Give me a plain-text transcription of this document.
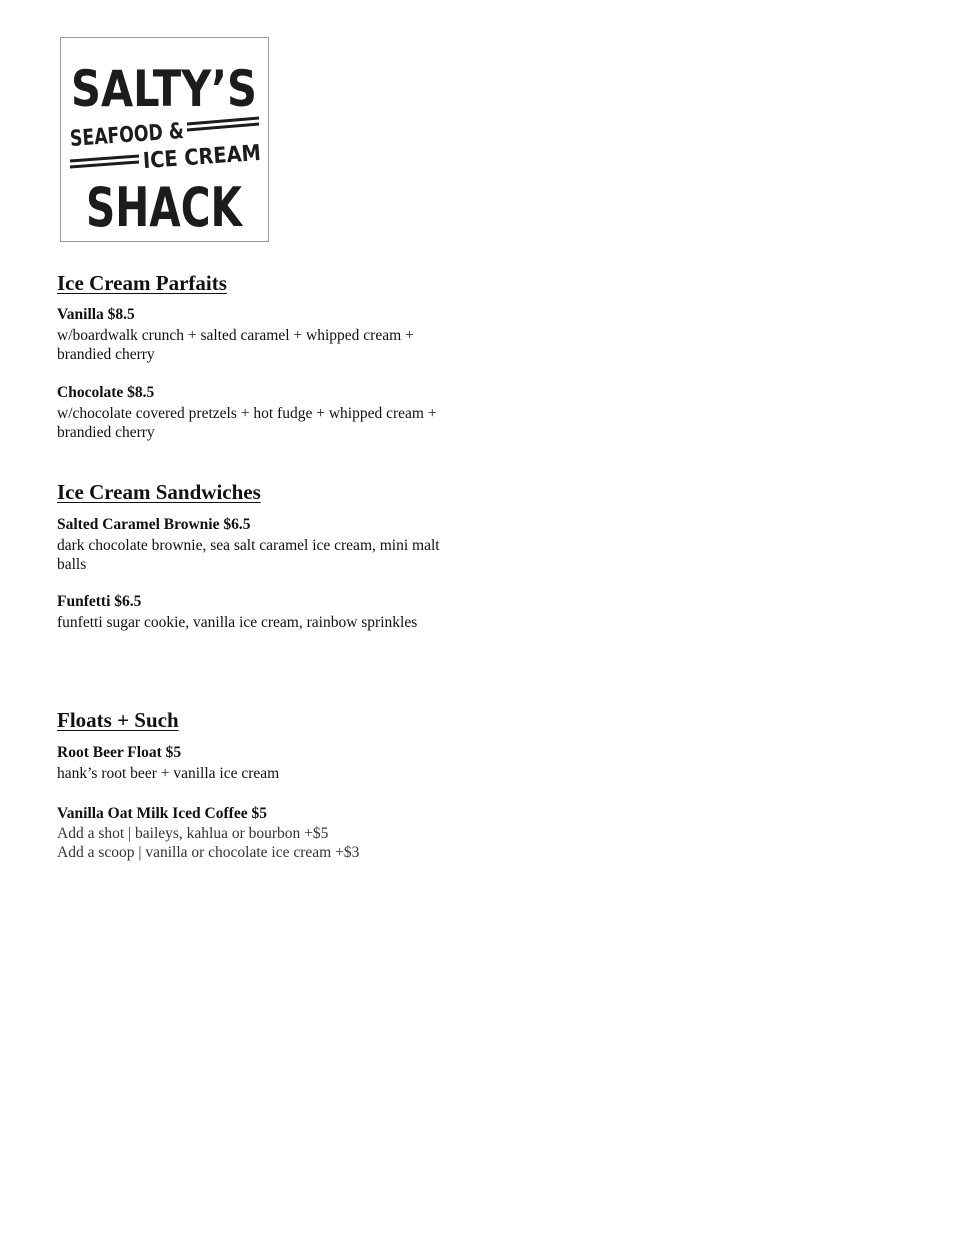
SALTY’S
SEAFOOD &
ICE CREAM
SHACK
Ice Cream Parfaits

Vanilla $8.5

w/boardwalk crunch + salted caramel + whipped cream + brandied cherry

Chocolate $8.5

w/chocolate covered pretzels + hot fudge + whipped cream + brandied cherry

Ice Cream Sandwiches

Salted Caramel Brownie $6.5

dark chocolate brownie, sea salt caramel ice cream, mini malt balls

Funfetti $6.5

funfetti sugar cookie, vanilla ice cream, rainbow sprinkles

Floats + Such

Root Beer Float $5

hank’s root beer + vanilla ice cream

Vanilla Oat Milk Iced Coffee $5

Add a shot | baileys, kahlua or bourbon +$5

Add a scoop | vanilla or chocolate ice cream +$3
